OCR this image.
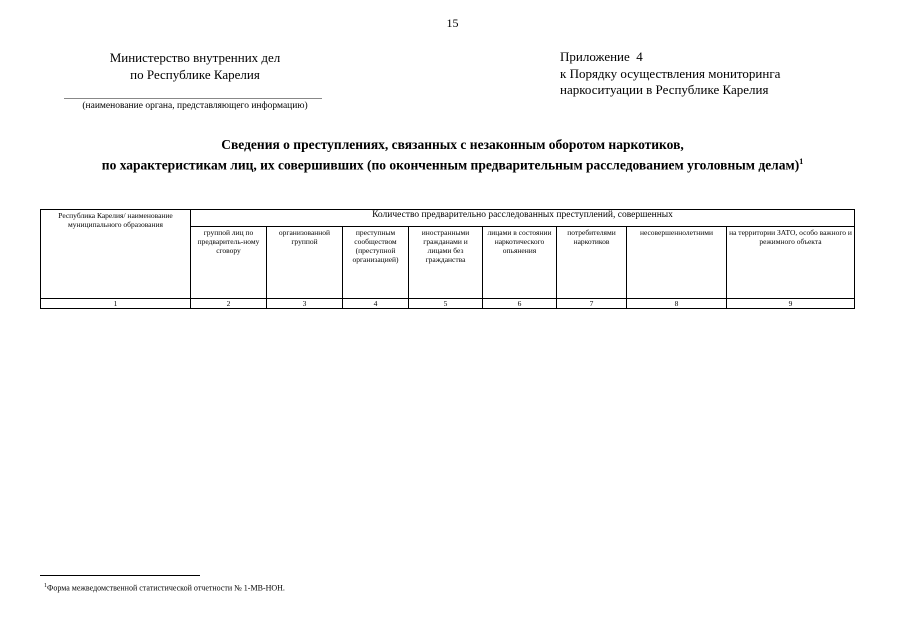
15
Министерство внутренних дел
по Республике Карелия
(наименование органа, представляющего информацию)
Приложение  4
к Порядку осуществления мониторинга
наркоситуации в Республике Карелия
Сведения о преступлениях, связанных с незаконным оборотом наркотиков,
по характеристикам лиц, их совершивших (по оконченным предварительным расследованием уголовным делам)$^1$
Республика Карелия/ наименование муниципального образования	Количество предварительно расследованных преступлений, совершенных							
	группой лиц по предваритель-ному сговору	организованной группой	преступным сообществом (преступной организацией)	иностранными гражданами и лицами без гражданства	лицами в состоянии наркотического опьянения	потребителями наркотиков	несовершеннолетними	на территории ЗАТО, особо важного и режимного объекта
1	2	3	4	5	6	7	8	9
$^1$Форма межведомственной статистической отчетности № 1-МВ-НОН.
